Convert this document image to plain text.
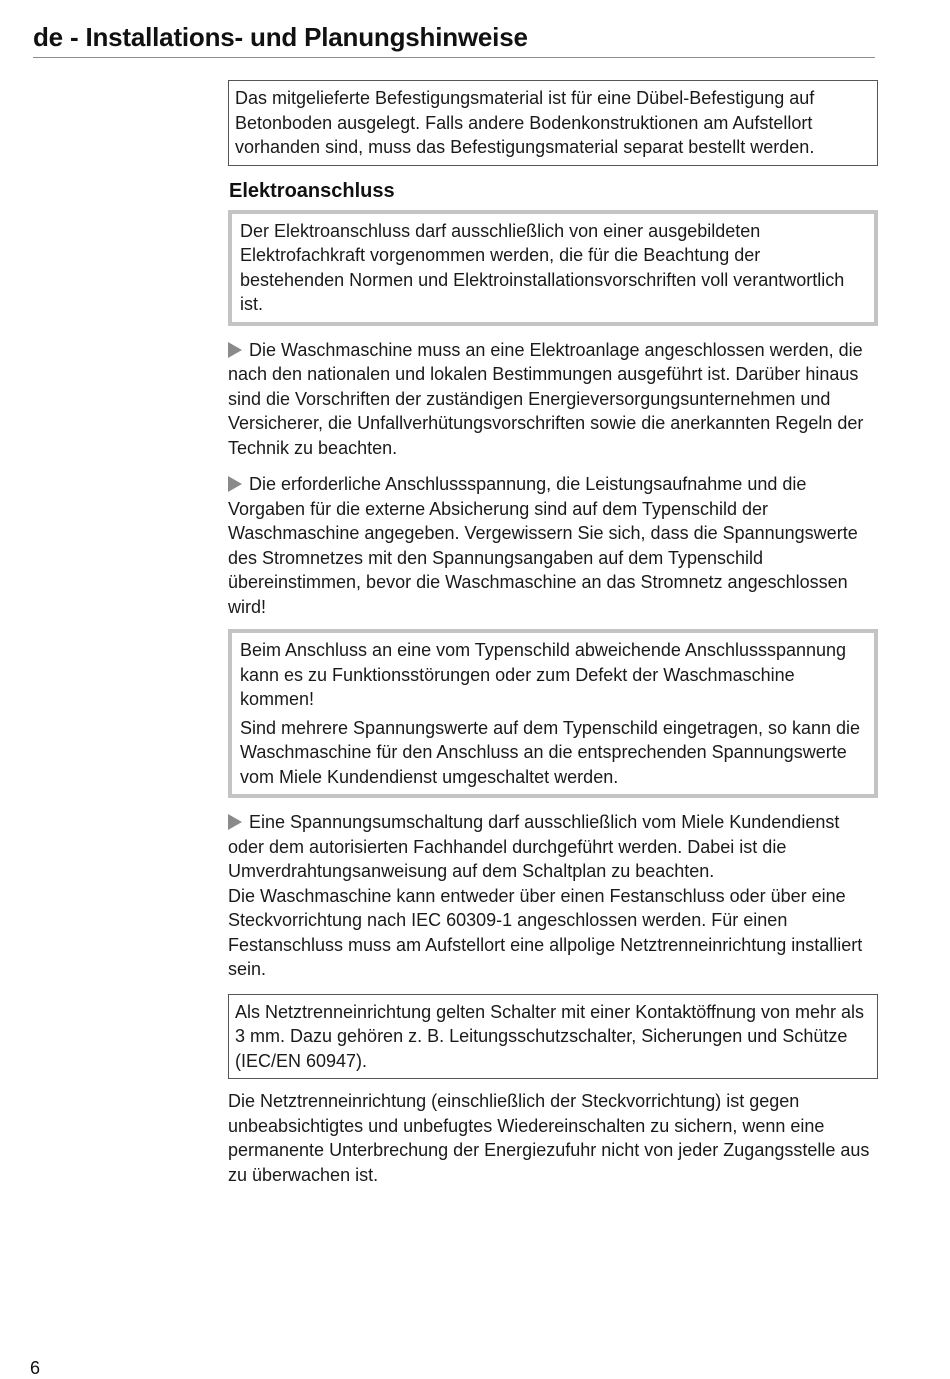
de - Installations- und Planungshinweise

Das mitgelieferte Befestigungsmaterial ist für eine Dübel-Befestigung auf Betonboden ausgelegt. Falls andere Bodenkonstruktionen am Aufstellort vorhanden sind, muss das Befestigungsmaterial separat bestellt werden.

Elektroanschluss

Der Elektroanschluss darf ausschließlich von einer ausgebildeten Elektrofachkraft vorgenommen werden, die für die Beachtung der bestehenden Normen und Elektroinstallationsvorschriften voll verantwortlich ist.

Die Waschmaschine muss an eine Elektroanlage angeschlossen werden, die nach den nationalen und lokalen Bestimmungen ausgeführt ist. Darüber hinaus sind die Vorschriften der zuständigen Energieversorgungsunternehmen und Versicherer, die Unfallverhütungsvorschriften sowie die anerkannten Regeln der Technik zu beachten.

Die erforderliche Anschlussspannung, die Leistungsaufnahme und die Vorgaben für die externe Absicherung sind auf dem Typenschild der Waschmaschine angegeben. Vergewissern Sie sich, dass die Spannungswerte des Stromnetzes mit den Spannungsangaben auf dem Typenschild übereinstimmen, bevor die Waschmaschine an das Stromnetz angeschlossen wird!

Beim Anschluss an eine vom Typenschild abweichende Anschlussspannung kann es zu Funktionsstörungen oder zum Defekt der Waschmaschine kommen!

Sind mehrere Spannungswerte auf dem Typenschild eingetragen, so kann die Waschmaschine für den Anschluss an die entsprechenden Spannungswerte vom Miele Kundendienst umgeschaltet werden.

Eine Spannungsumschaltung darf ausschließlich vom Miele Kundendienst oder dem autorisierten Fachhandel durchgeführt werden. Dabei ist die Umverdrahtungsanweisung auf dem Schaltplan zu beachten.

Die Waschmaschine kann entweder über einen Festanschluss oder über eine Steckvorrichtung nach IEC 60309-1 angeschlossen werden. Für einen Festanschluss muss am Aufstellort eine allpolige Netztrenneinrichtung installiert sein.

Als Netztrenneinrichtung gelten Schalter mit einer Kontaktöffnung von mehr als 3 mm. Dazu gehören z. B. Leitungsschutzschalter, Sicherungen und Schütze (IEC/EN 60947).

Die Netztrenneinrichtung (einschließlich der Steckvorrichtung) ist gegen unbeabsichtigtes und unbefugtes Wiedereinschalten zu sichern, wenn eine permanente Unterbrechung der Energiezufuhr nicht von jeder Zugangsstelle aus zu überwachen ist.

6
